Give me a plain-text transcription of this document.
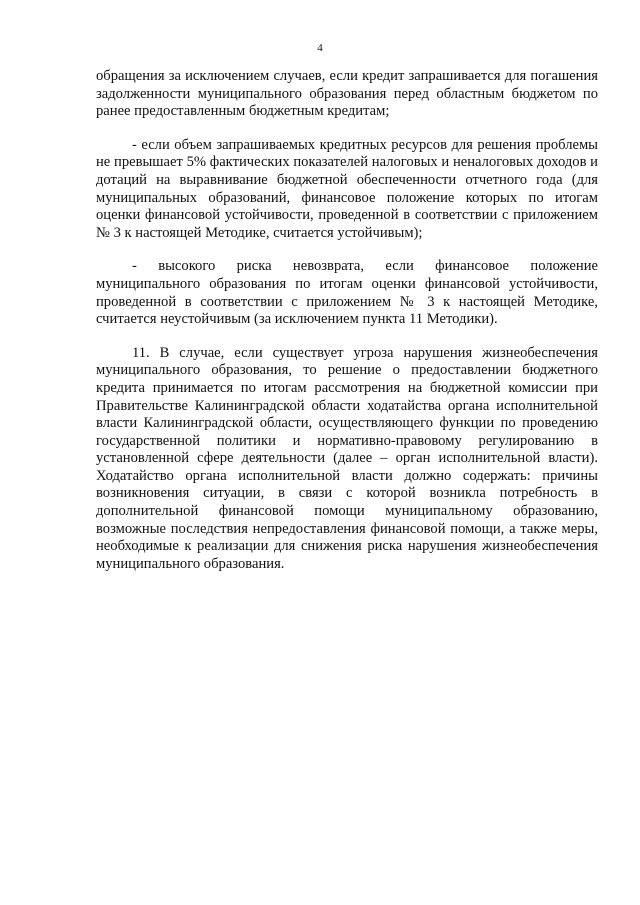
4

обращения за исключением случаев, если кредит запрашивается для погашения задолженности муниципального образования перед областным бюджетом по ранее предоставленным бюджетным кредитам;

- если объем запрашиваемых кредитных ресурсов для решения проблемы не превышает 5% фактических показателей налоговых и неналоговых доходов и дотаций на выравнивание бюджетной обеспеченности отчетного года (для муниципальных образований, финансовое положение которых по итогам оценки финансовой устойчивости, проведенной в соответствии с приложением № 3 к настоящей Методике, считается устойчивым);

- высокого риска невозврата, если финансовое положение муниципального образования по итогам оценки финансовой устойчивости, проведенной в соответствии с приложением № 3 к настоящей Методике, считается неустойчивым (за исключением пункта 11 Методики).

11. В случае, если существует угроза нарушения жизнеобеспечения муниципального образования, то решение о предоставлении бюджетного кредита принимается по итогам рассмотрения на бюджетной комиссии при Правительстве Калининградской области ходатайства органа исполнительной власти Калининградской области, осуществляющего функции по проведению государственной политики и нормативно-правовому регулированию в установленной сфере деятельности (далее – орган исполнительной власти). Ходатайство органа исполнительной власти должно содержать: причины возникновения ситуации, в связи с которой возникла потребность в дополнительной финансовой помощи муниципальному образованию, возможные последствия непредоставления финансовой помощи, а также меры, необходимые к реализации для снижения риска нарушения жизнеобеспечения муниципального образования.
